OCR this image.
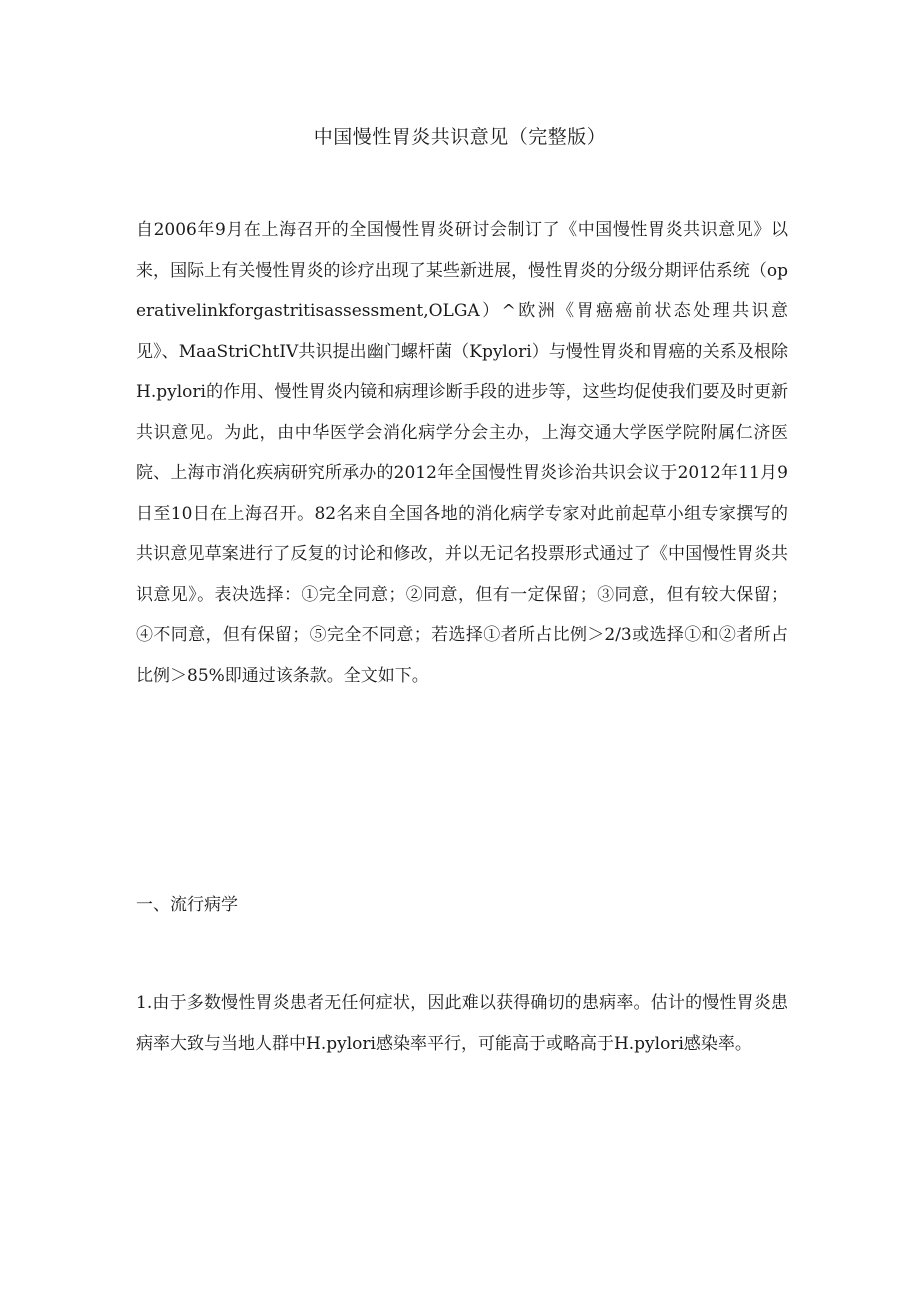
中国慢性胃炎共识意见（完整版）

自2006年9月在上海召开的全国慢性胃炎研讨会制订了《中国慢性胃炎共识意见》以来，国际上有关慢性胃炎的诊疗出现了某些新进展，慢性胃炎的分级分期评估系统（operativelinkforgastritisassessment,OLGA）^欧洲《胃癌癌前状态处理共识意见》、MaaStriChtIV共识提出幽门螺杆菌（Kpylori）与慢性胃炎和胃癌的关系及根除H.pylori的作用、慢性胃炎内镜和病理诊断手段的进步等，这些均促使我们要及时更新共识意见。为此，由中华医学会消化病学分会主办，上海交通大学医学院附属仁济医院、上海市消化疾病研究所承办的2012年全国慢性胃炎诊治共识会议于2012年11月9日至10日在上海召开。82名来自全国各地的消化病学专家对此前起草小组专家撰写的共识意见草案进行了反复的讨论和修改，并以无记名投票形式通过了《中国慢性胃炎共识意见》。表决选择：①完全同意；②同意，但有一定保留；③同意，但有较大保留；④不同意，但有保留；⑤完全不同意；若选择①者所占比例＞2/3或选择①和②者所占比例＞85%即通过该条款。全文如下。

一、流行病学

1.由于多数慢性胃炎患者无任何症状，因此难以获得确切的患病率。估计的慢性胃炎患病率大致与当地人群中H.pylori感染率平行，可能高于或略高于H.pylori感染率。
